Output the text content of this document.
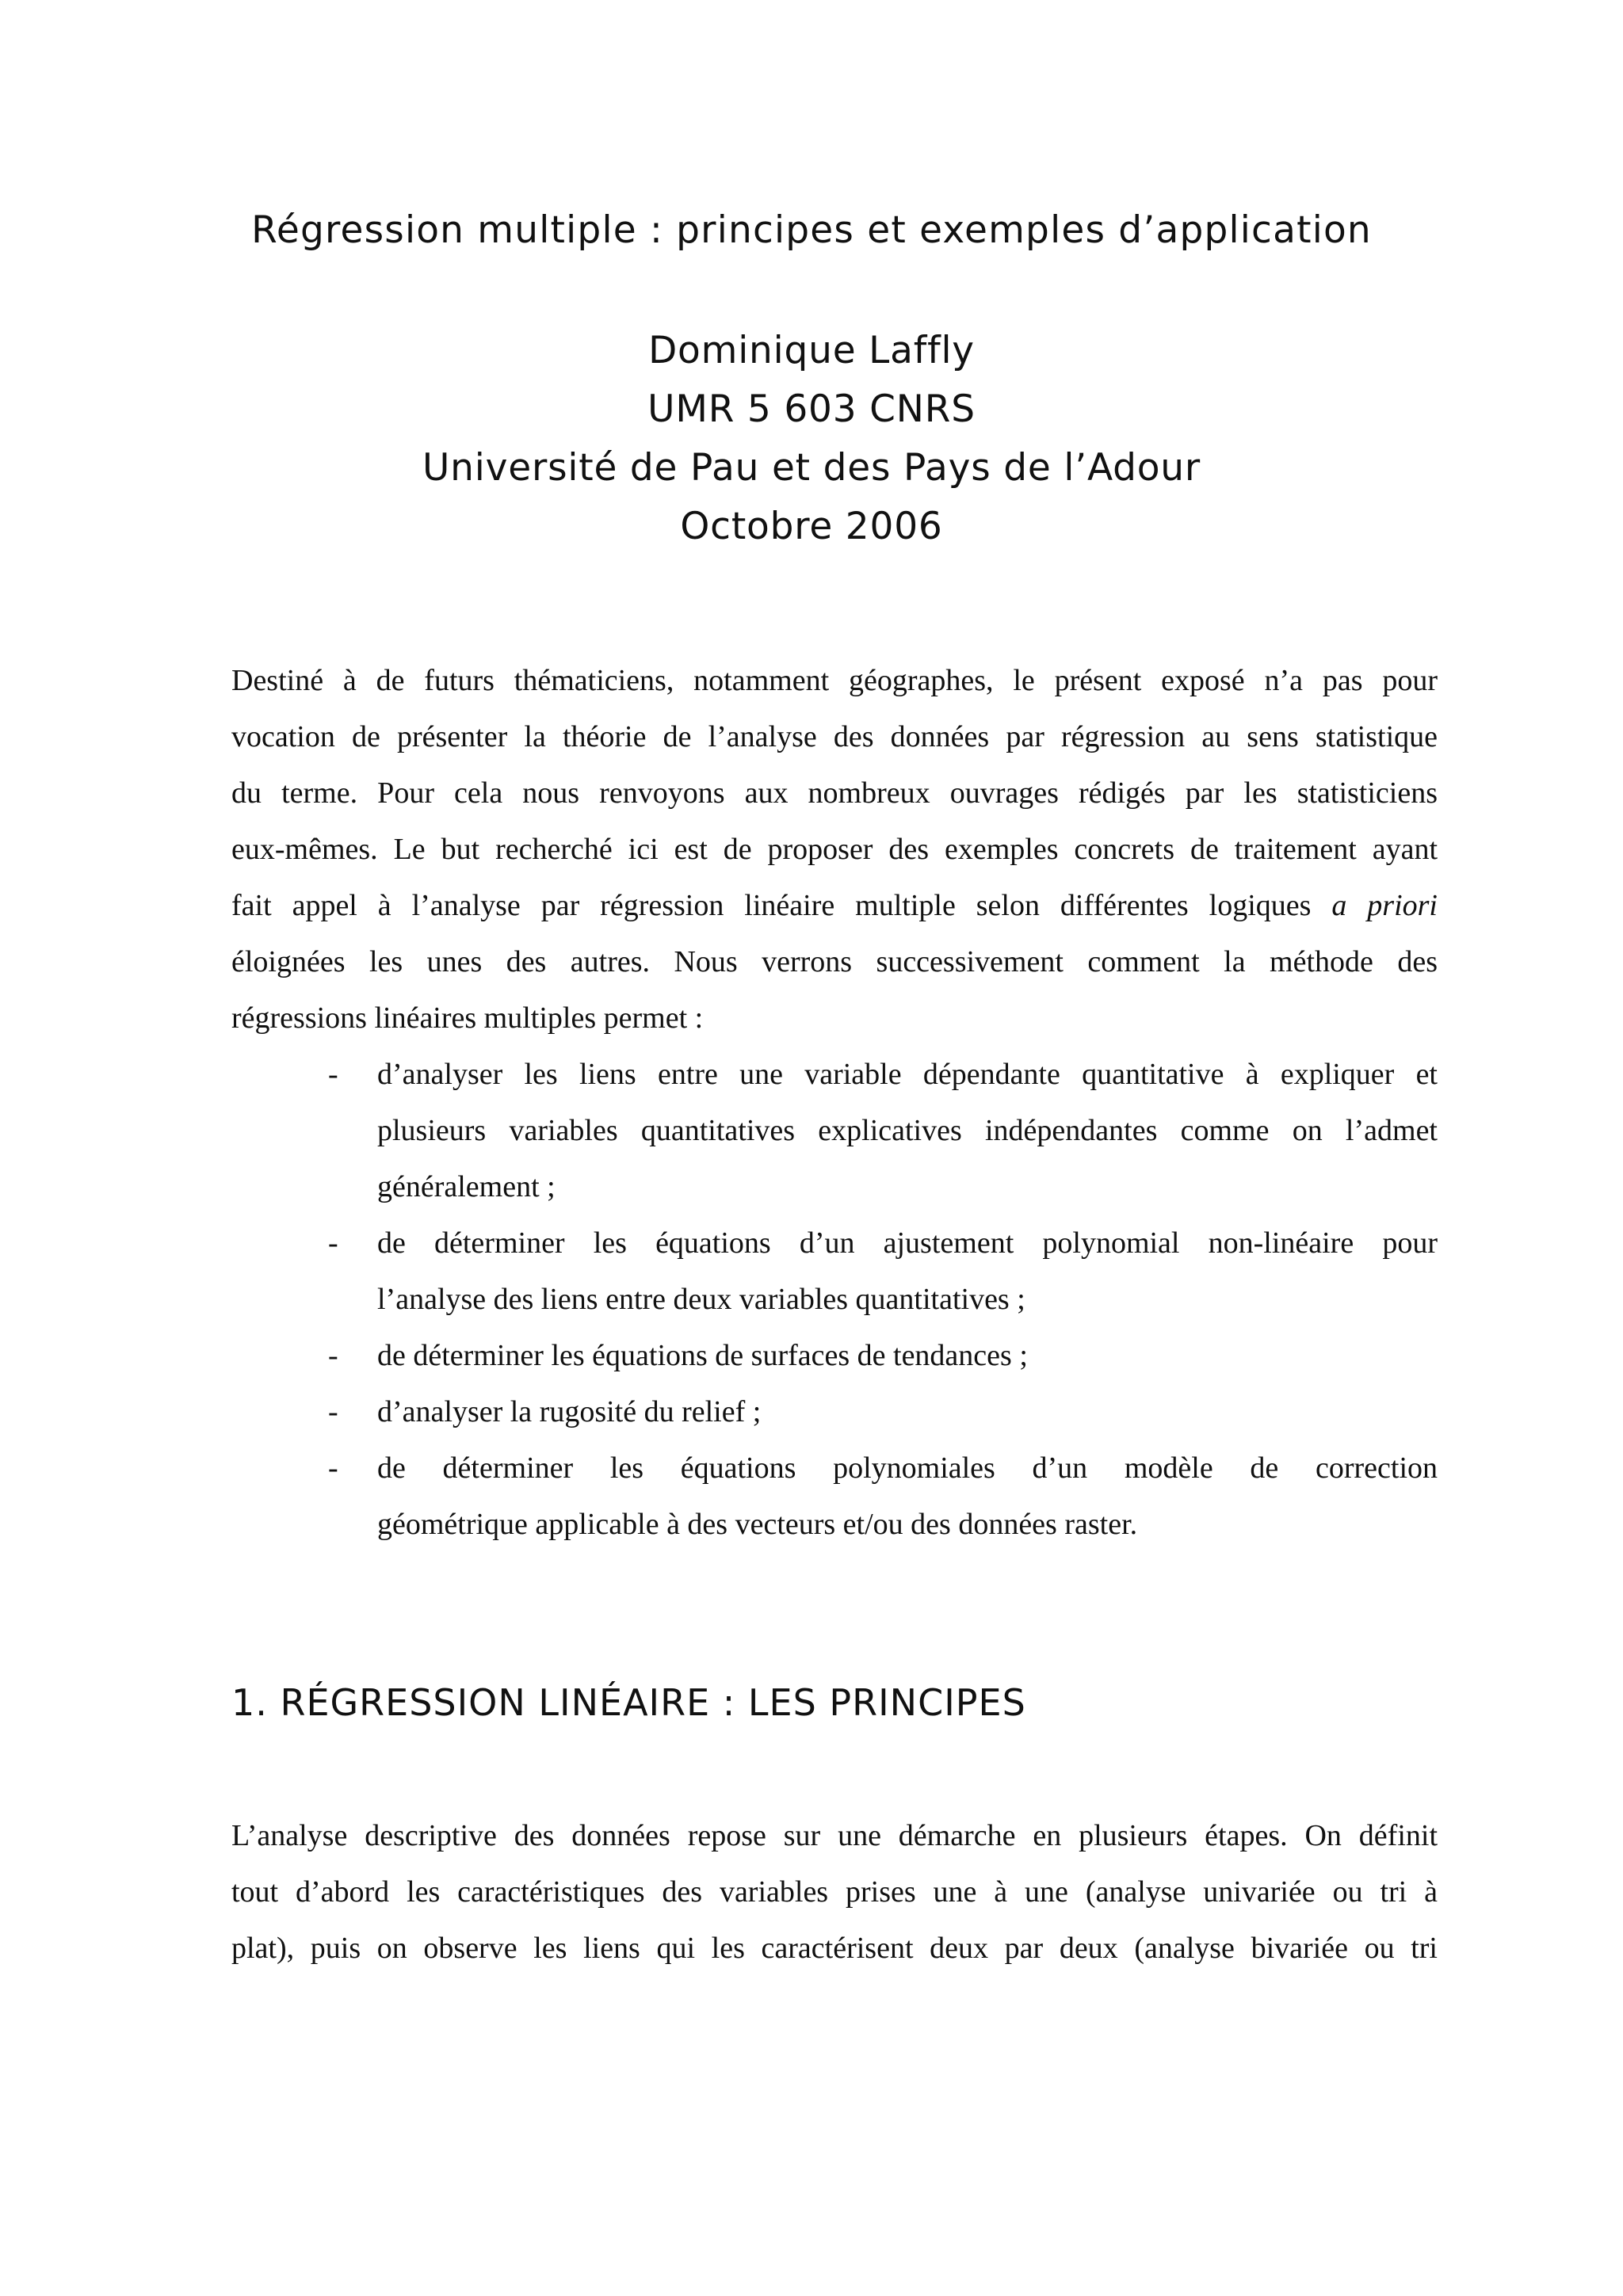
Régression multiple : principes et exemples d’application
Dominique Laffly
UMR 5 603 CNRS
Université de Pau et des Pays de l’Adour
Octobre 2006
Destiné à de futurs thématiciens, notamment géographes, le présent exposé n’a pas pour
vocation de présenter la théorie de l’analyse des données par régression au sens statistique
du terme. Pour cela nous renvoyons aux nombreux ouvrages rédigés par les statisticiens
eux-mêmes. Le but recherché ici est de proposer des exemples concrets de traitement ayant
fait appel à l’analyse par régression linéaire multiple selon différentes logiques a priori
éloignées les unes des autres. Nous verrons successivement comment la méthode des
régressions linéaires multiples permet :
-	d’analyser les liens entre une variable dépendante quantitative à expliquer et
plusieurs variables quantitatives explicatives indépendantes comme on l’admet
généralement ;
-	de déterminer les équations d’un ajustement polynomial non-linéaire pour
l’analyse des liens entre deux variables quantitatives ;
-	de déterminer les équations de surfaces de tendances ;
-	d’analyser la rugosité du relief ;
-	de déterminer les équations polynomiales d’un modèle de correction
géométrique applicable à des vecteurs et/ou des données raster.
1. RÉGRESSION LINÉAIRE : LES PRINCIPES
L’analyse descriptive des données repose sur une démarche en plusieurs étapes. On définit
tout d’abord les caractéristiques des variables prises une à une (analyse univariée ou tri à
plat), puis on observe les liens qui les caractérisent deux par deux (analyse bivariée ou tri
